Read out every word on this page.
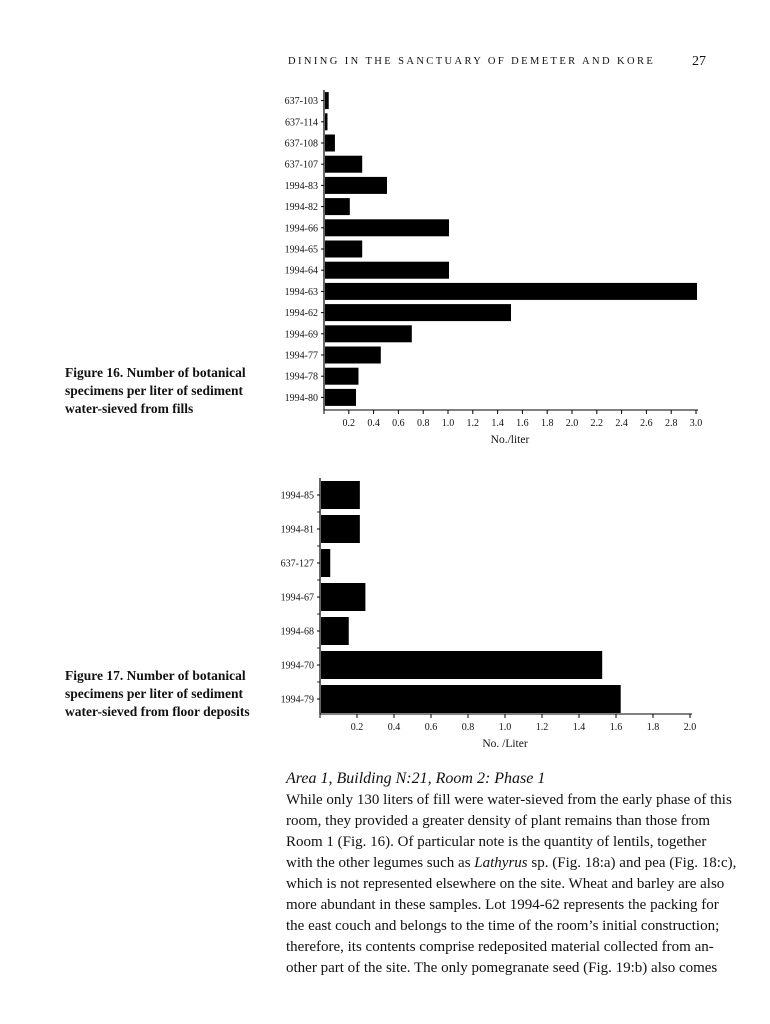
DINING IN THE SANCTUARY OF DEMETER AND KORE	27
Figure 16. Number of botanical
specimens per liter of sediment
water-sieved from fills
Figure 17. Number of botanical
specimens per liter of sediment
water-sieved from floor deposits
637-103
637-114
637-108
637-107
1994-83
1994-82
1994-66
1994-65
1994-64
1994-63
1994-62
1994-69
1994-77
1994-78
1994-80
0.2 0.4 0.6 0.8 1.0 1.2 1.4 1.6 1.8 2.0 2.2 2.4 2.6 2.8 3.0
No./liter
1994-85
1994-81
637-127
1994-67
1994-68
1994-70
1994-79
0.2 0.4 0.6 0.8 1.0 1.2 1.4 1.6 1.8 2.0
No. /Liter
Area 1, Building N:21, Room 2: Phase 1
While only 130 liters of fill were water-sieved from the early phase of this
room, they provided a greater density of plant remains than those from
Room 1 (Fig. 16). Of particular note is the quantity of lentils, together
with the other legumes such as Lathyrus sp. (Fig. 18:a) and pea (Fig. 18:c),
which is not represented elsewhere on the site. Wheat and barley are also
more abundant in these samples. Lot 1994-62 represents the packing for
the east couch and belongs to the time of the room’s initial construction;
therefore, its contents comprise redeposited material collected from an-
other part of the site. The only pomegranate seed (Fig. 19:b) also comes
